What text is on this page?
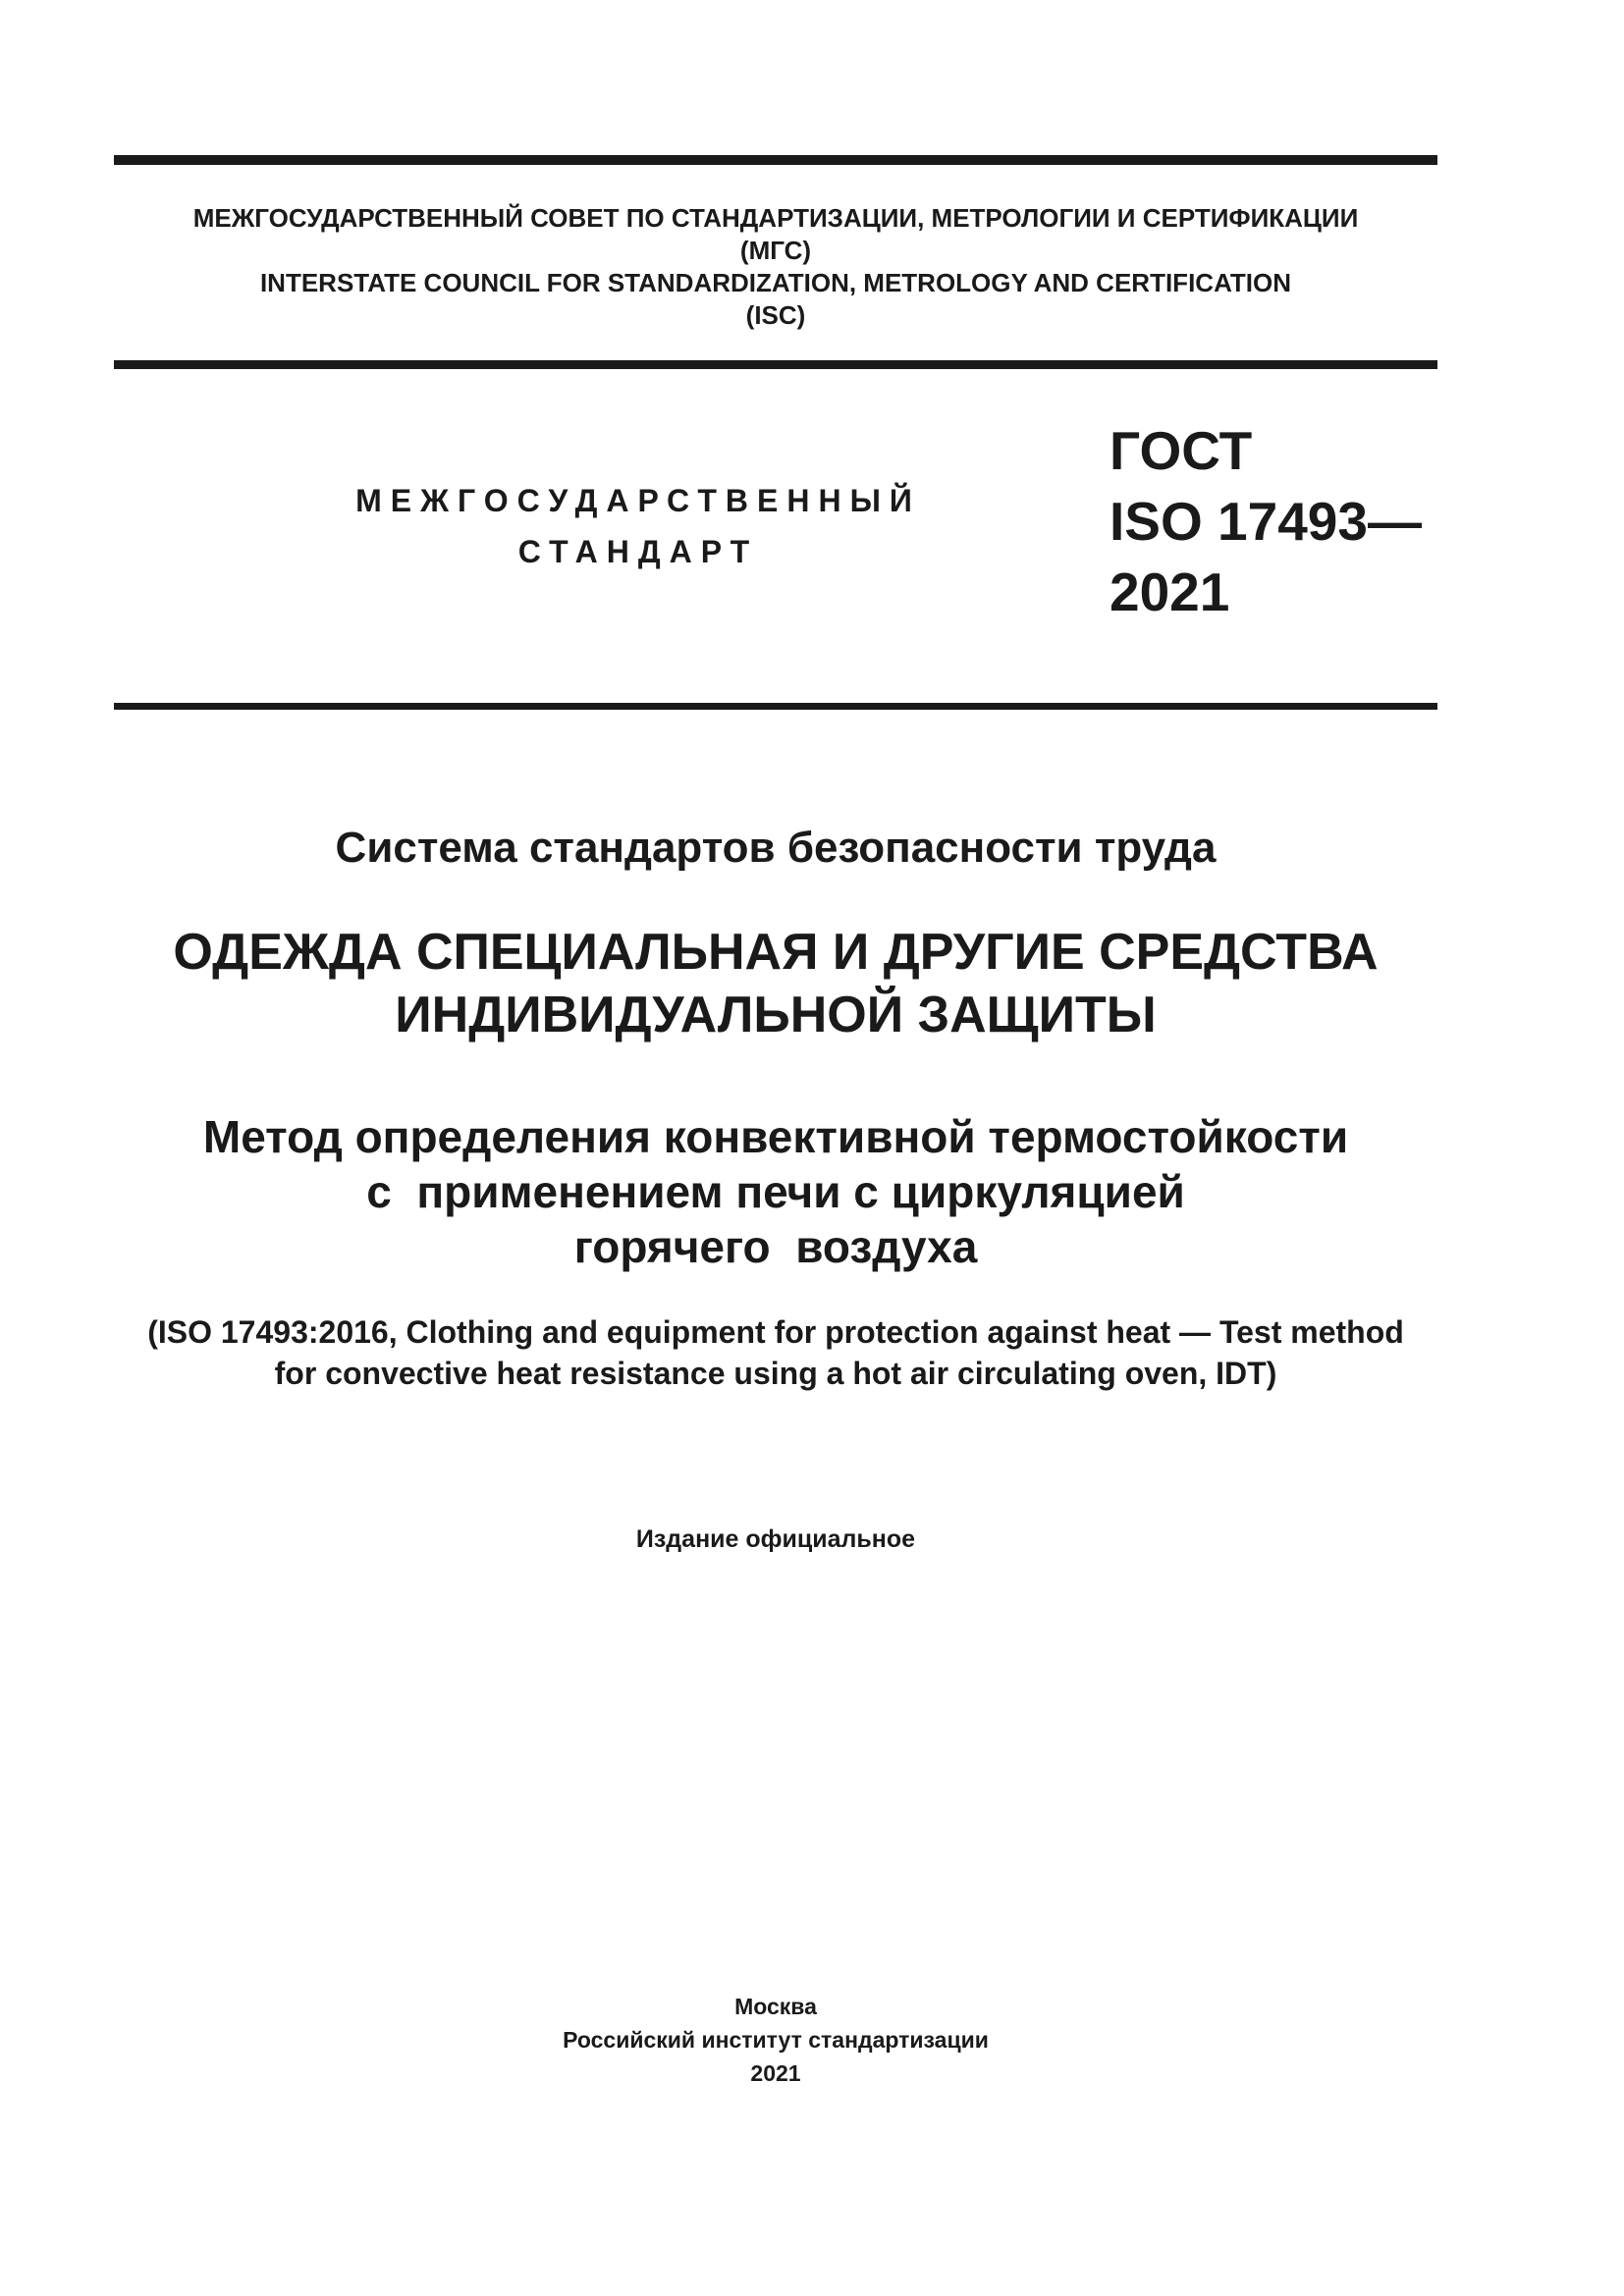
МЕЖГОСУДАРСТВЕННЫЙ СОВЕТ ПО СТАНДАРТИЗАЦИИ, МЕТРОЛОГИИ И СЕРТИФИКАЦИИ
(МГС)
INTERSTATE COUNCIL FOR STANDARDIZATION, METROLOGY AND CERTIFICATION
(ISC)
МЕЖГОСУДАРСТВЕННЫЙ
СТАНДАРТ
ГОСТ
ISO 17493—
2021
Система стандартов безопасности труда
ОДЕЖДА СПЕЦИАЛЬНАЯ И ДРУГИЕ СРЕДСТВА
ИНДИВИДУАЛЬНОЙ ЗАЩИТЫ
Метод определения конвективной термостойкости
с  применением печи с циркуляцией
горячего  воздуха
(ISO 17493:2016, Clothing and equipment for protection against heat — Test method
for convective heat resistance using a hot air circulating oven, IDT)
Издание официальное
Москва
Российский институт стандартизации
2021
